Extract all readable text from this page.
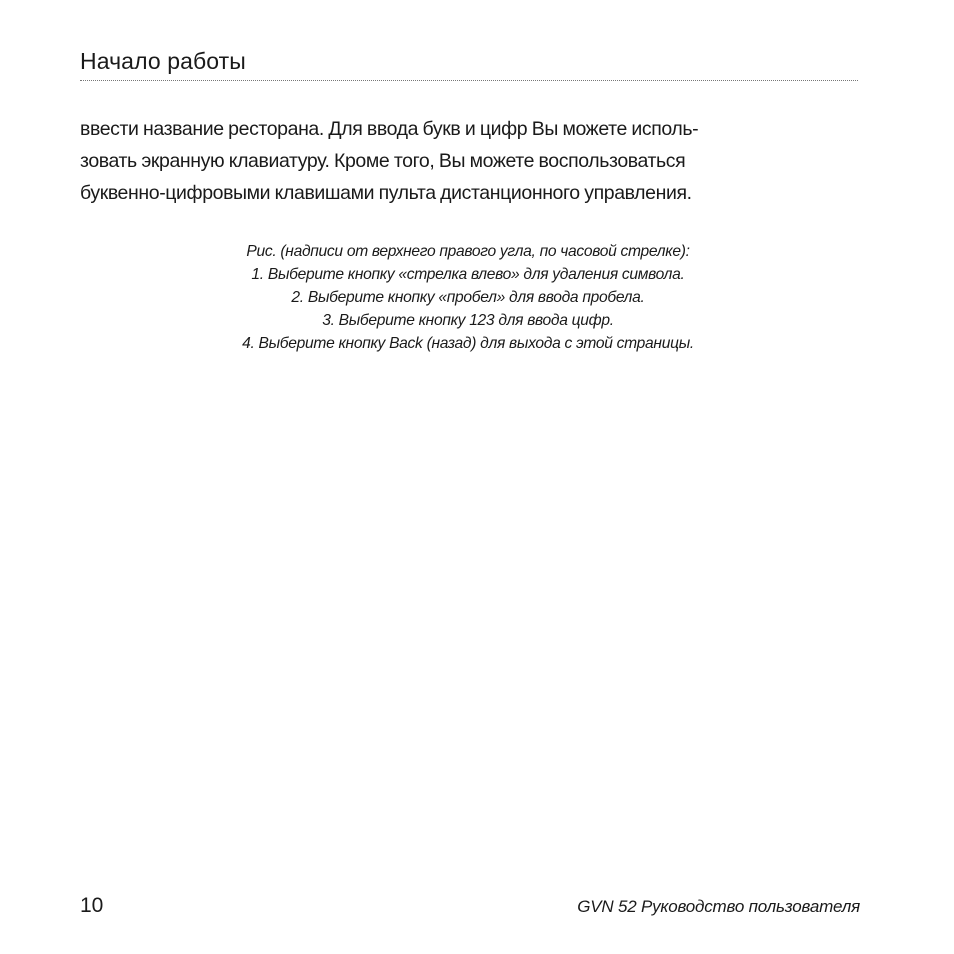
Начало работы

ввести название ресторана. Для ввода букв и цифр Вы можете исполь-
зовать экранную клавиатуру. Кроме того, Вы можете воспользоваться
буквенно-цифровыми клавишами пульта дистанционного управления.

Рис. (надписи от верхнего правого угла, по часовой стрелке):
1. Выберите кнопку «стрелка влево» для удаления символа.
2. Выберите кнопку «пробел» для ввода пробела.
3. Выберите кнопку 123 для ввода цифр.
4. Выберите кнопку Back (назад) для выхода с этой страницы.
10	GVN 52 Руководство пользователя
